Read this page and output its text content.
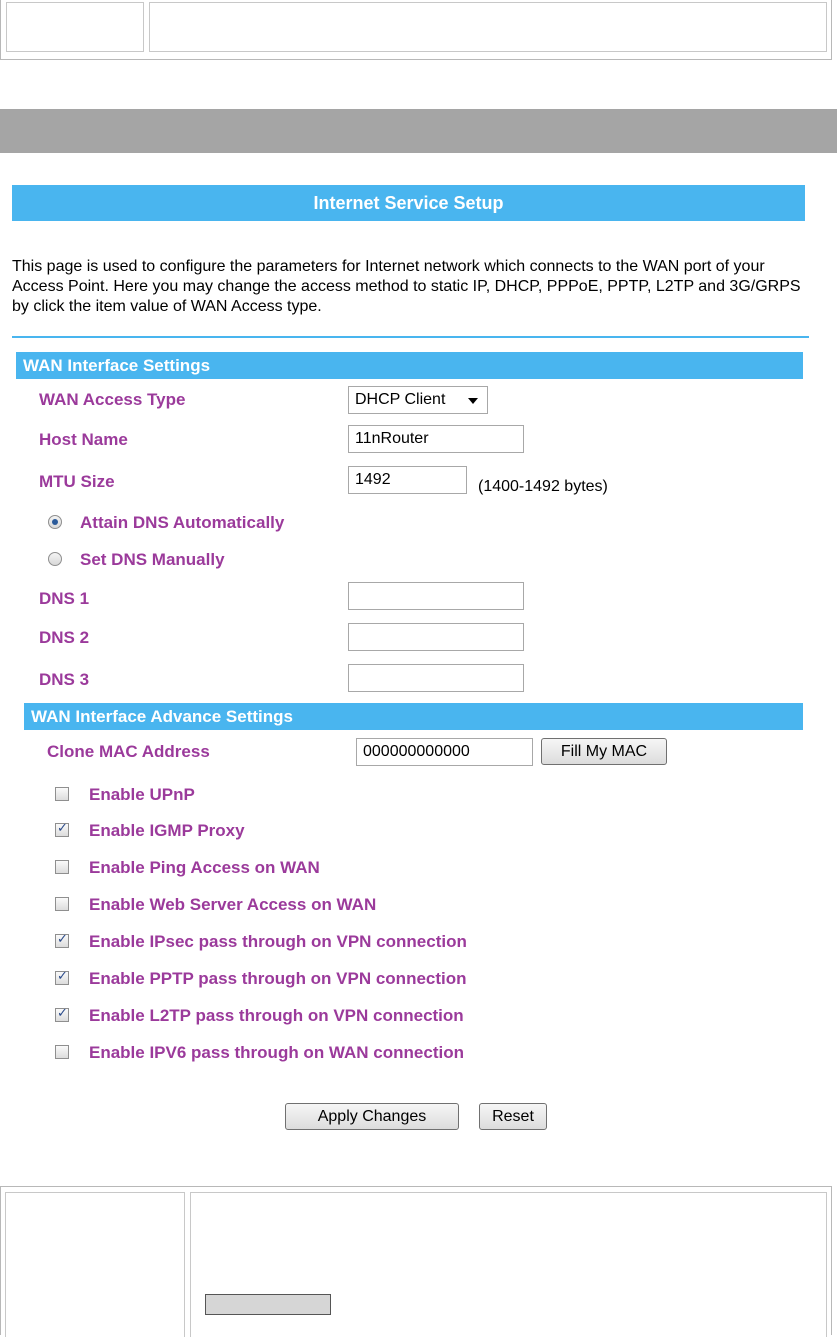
Internet Service Setup
This page is used to configure the parameters for Internet network which connects to the WAN port of your Access Point. Here you may change the access method to static IP, DHCP, PPPoE, PPTP, L2TP and 3G/GRPS by click the item value of WAN Access type.
WAN Interface Settings
WAN Access Type	DHCP Client
Host Name	11nRouter
MTU Size	1492	(1400-1492 bytes)
Attain DNS Automatically
Set DNS Manually
DNS 1
DNS 2
DNS 3
WAN Interface Advance Settings
Clone MAC Address	000000000000	Fill My MAC
Enable UPnP
✓
Enable IGMP Proxy
Enable Ping Access on WAN
Enable Web Server Access on WAN
✓
Enable IPsec pass through on VPN connection
✓
Enable PPTP pass through on VPN connection
✓
Enable L2TP pass through on VPN connection
Enable IPV6 pass through on WAN connection
Apply Changes	Reset
